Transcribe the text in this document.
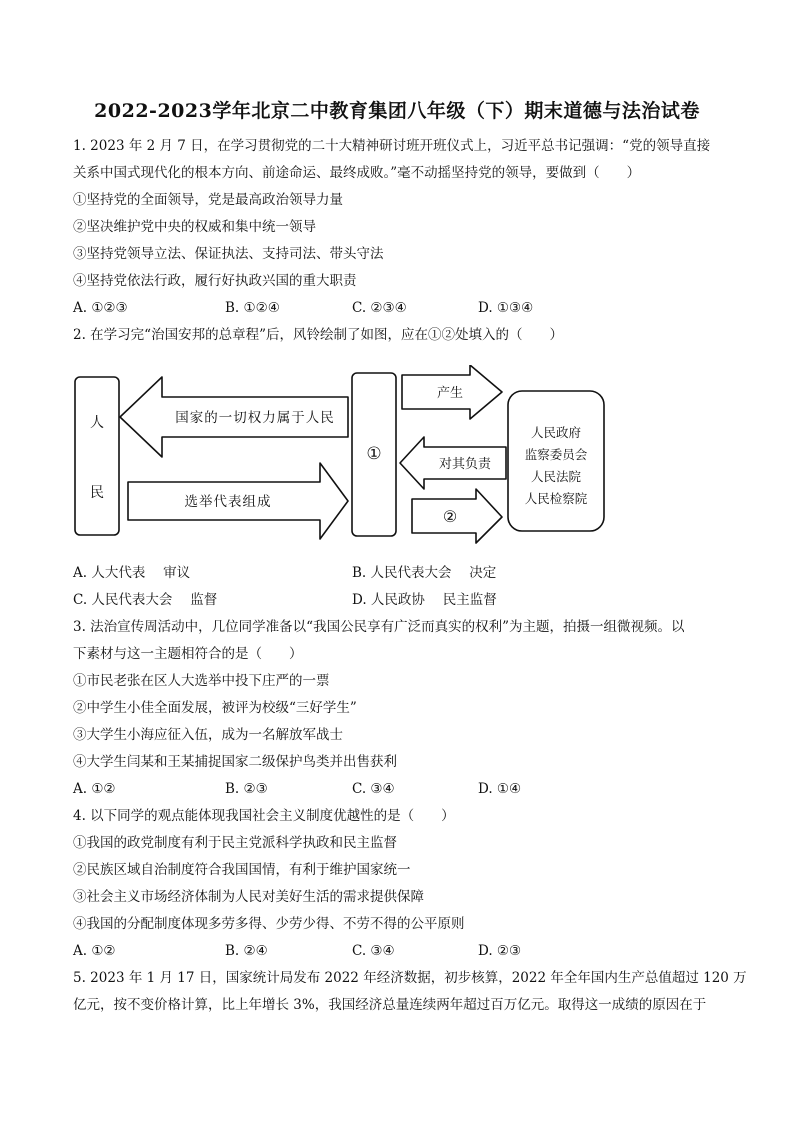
2022-2023学年北京二中教育集团八年级（下）期末道德与法治试卷
1. 2023 年 2 月 7 日，在学习贯彻党的二十大精神研讨班开班仪式上，习近平总书记强调：“党的领导直接
关系中国式现代化的根本方向、前途命运、最终成败。”毫不动摇坚持党的领导，要做到（　　）
①坚持党的全面领导，党是最高政治领导力量
②坚决维护党中央的权威和集中统一领导
③坚持党领导立法、保证执法、支持司法、带头守法
④坚持党依法行政，履行好执政兴国的重大职责
A. ①②③	B. ①②④	C. ②③④	D. ①③④
2. 在学习完“治国安邦的总章程”后，风铃绘制了如图，应在①②处填入的（　　）
人
民
国家的一切权力属于人民
选举代表组成
①
产生
对其负责
②
人民政府
监察委员会
人民法院
人民检察院
A. 人大代表　 审议	B. 人民代表大会　 决定
C. 人民代表大会　 监督	D. 人民政协　 民主监督
3. 法治宣传周活动中，几位同学准备以“我国公民享有广泛而真实的权利”为主题，拍摄一组微视频。以
下素材与这一主题相符合的是（　　）
①市民老张在区人大选举中投下庄严的一票
②中学生小佳全面发展，被评为校级“三好学生”
③大学生小海应征入伍，成为一名解放军战士
④大学生闫某和王某捕捉国家二级保护鸟类并出售获利
A. ①②	B. ②③	C. ③④	D. ①④
4. 以下同学的观点能体现我国社会主义制度优越性的是（　　）
①我国的政党制度有利于民主党派科学执政和民主监督
②民族区域自治制度符合我国国情，有利于维护国家统一
③社会主义市场经济体制为人民对美好生活的需求提供保障
④我国的分配制度体现多劳多得、少劳少得、不劳不得的公平原则
A. ①②	B. ②④	C. ③④	D. ②③
5. 2023 年 1 月 17 日，国家统计局发布 2022 年经济数据，初步核算，2022 年全年国内生产总值超过 120 万
亿元，按不变价格计算，比上年增长 3%，我国经济总量连续两年超过百万亿元。取得这一成绩的原因在于
